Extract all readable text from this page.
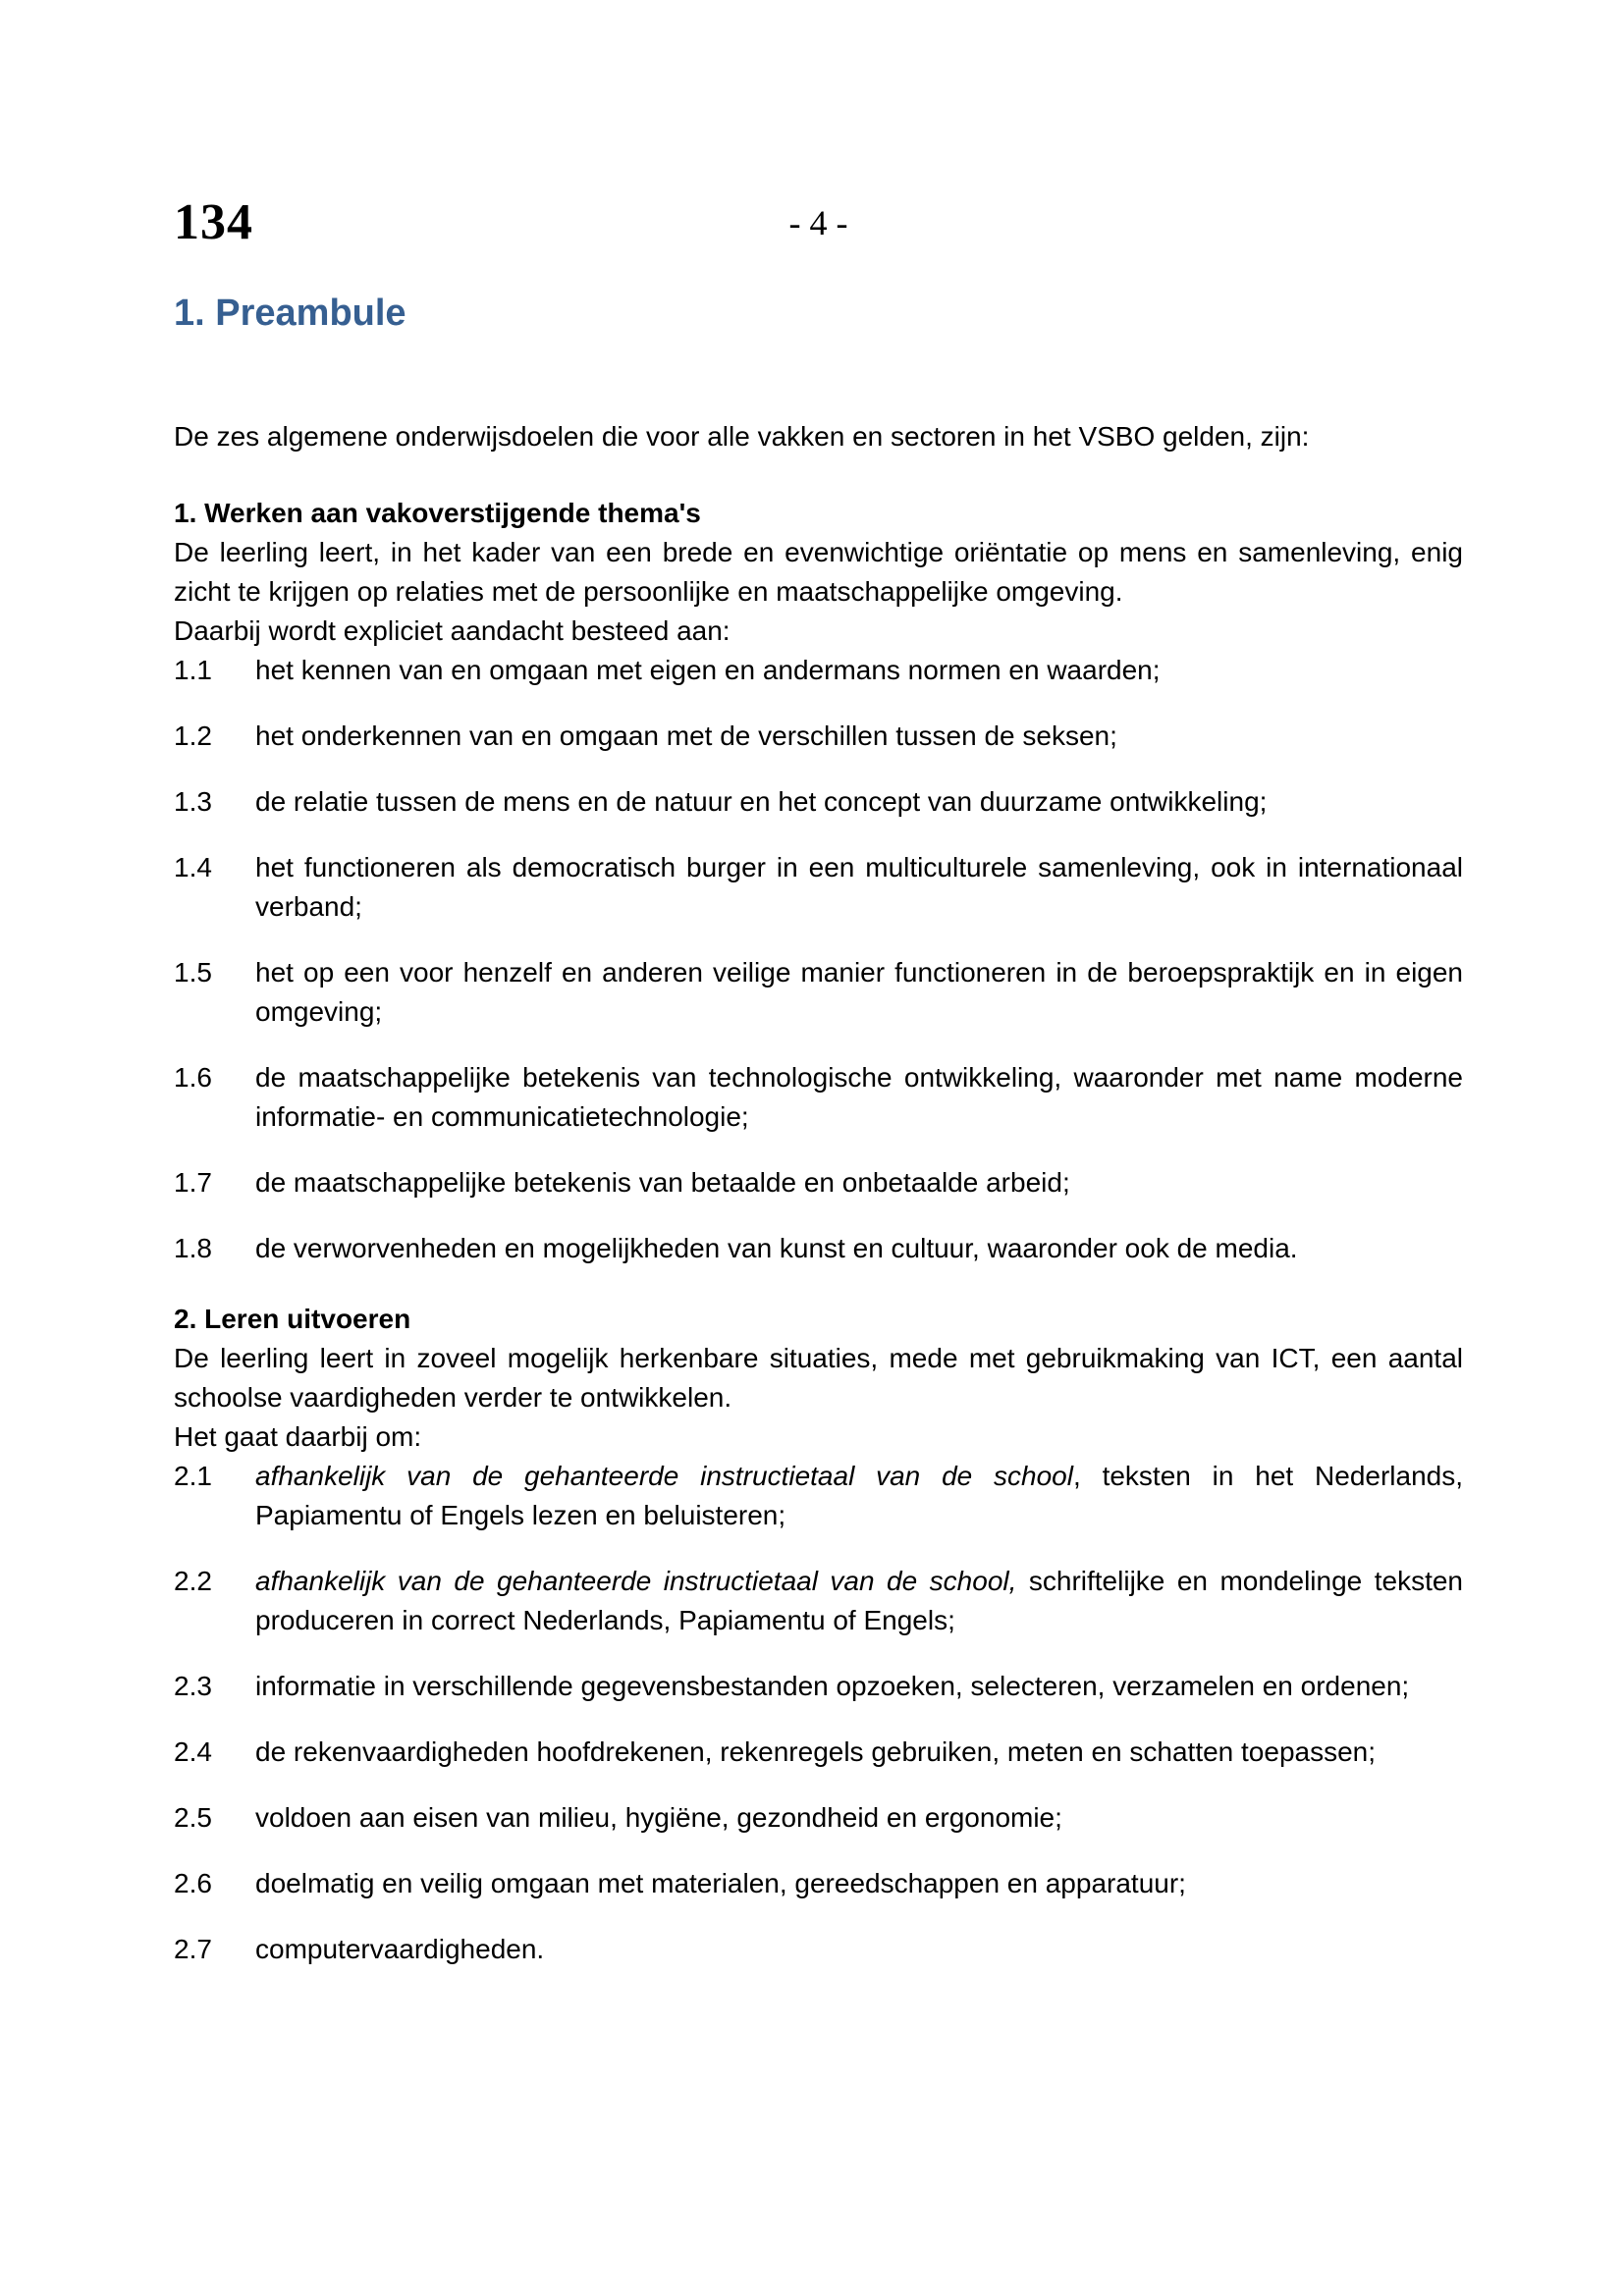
134	- 4 -
1. Preambule

De zes algemene onderwijsdoelen die voor alle vakken en sectoren in het VSBO gelden, zijn:

1. Werken aan vakoverstijgende thema's

De leerling leert, in het kader van een brede en evenwichtige oriëntatie op mens en samenleving, enig zicht te krijgen op relaties met de persoonlijke en maatschappelijke omgeving.

Daarbij wordt expliciet aandacht besteed aan:

1.1	het kennen van en omgaan met eigen en andermans normen en waarden;
1.2	het onderkennen van en omgaan met de verschillen tussen de seksen;
1.3	de relatie tussen de mens en de natuur en het concept van duurzame ontwikkeling;
1.4	het functioneren als democratisch burger in een multiculturele samenleving, ook in internationaal verband;
1.5	het op een voor henzelf en anderen veilige manier functioneren in de beroepspraktijk en in eigen omgeving;
1.6	de maatschappelijke betekenis van technologische ontwikkeling, waaronder met name moderne informatie- en communicatietechnologie;
1.7	de maatschappelijke betekenis van betaalde en onbetaalde arbeid;
1.8	de verworvenheden en mogelijkheden van kunst en cultuur, waaronder ook de media.

2. Leren uitvoeren

De leerling leert in zoveel mogelijk herkenbare situaties, mede met gebruikmaking van ICT, een aantal schoolse vaardigheden verder te ontwikkelen.

Het gaat daarbij om:

2.1	afhankelijk van de gehanteerde instructietaal van de school, teksten in het Nederlands, Papiamentu of Engels lezen en beluisteren;
2.2	afhankelijk van de gehanteerde instructietaal van de school, schriftelijke en mondelinge teksten produceren in correct Nederlands, Papiamentu of Engels;
2.3	informatie in verschillende gegevensbestanden opzoeken, selecteren, verzamelen en ordenen;
2.4	de rekenvaardigheden hoofdrekenen, rekenregels gebruiken, meten en schatten toepassen;
2.5	voldoen aan eisen van milieu, hygiëne, gezondheid en ergonomie;
2.6	doelmatig en veilig omgaan met materialen, gereedschappen en apparatuur;
2.7	computervaardigheden.
